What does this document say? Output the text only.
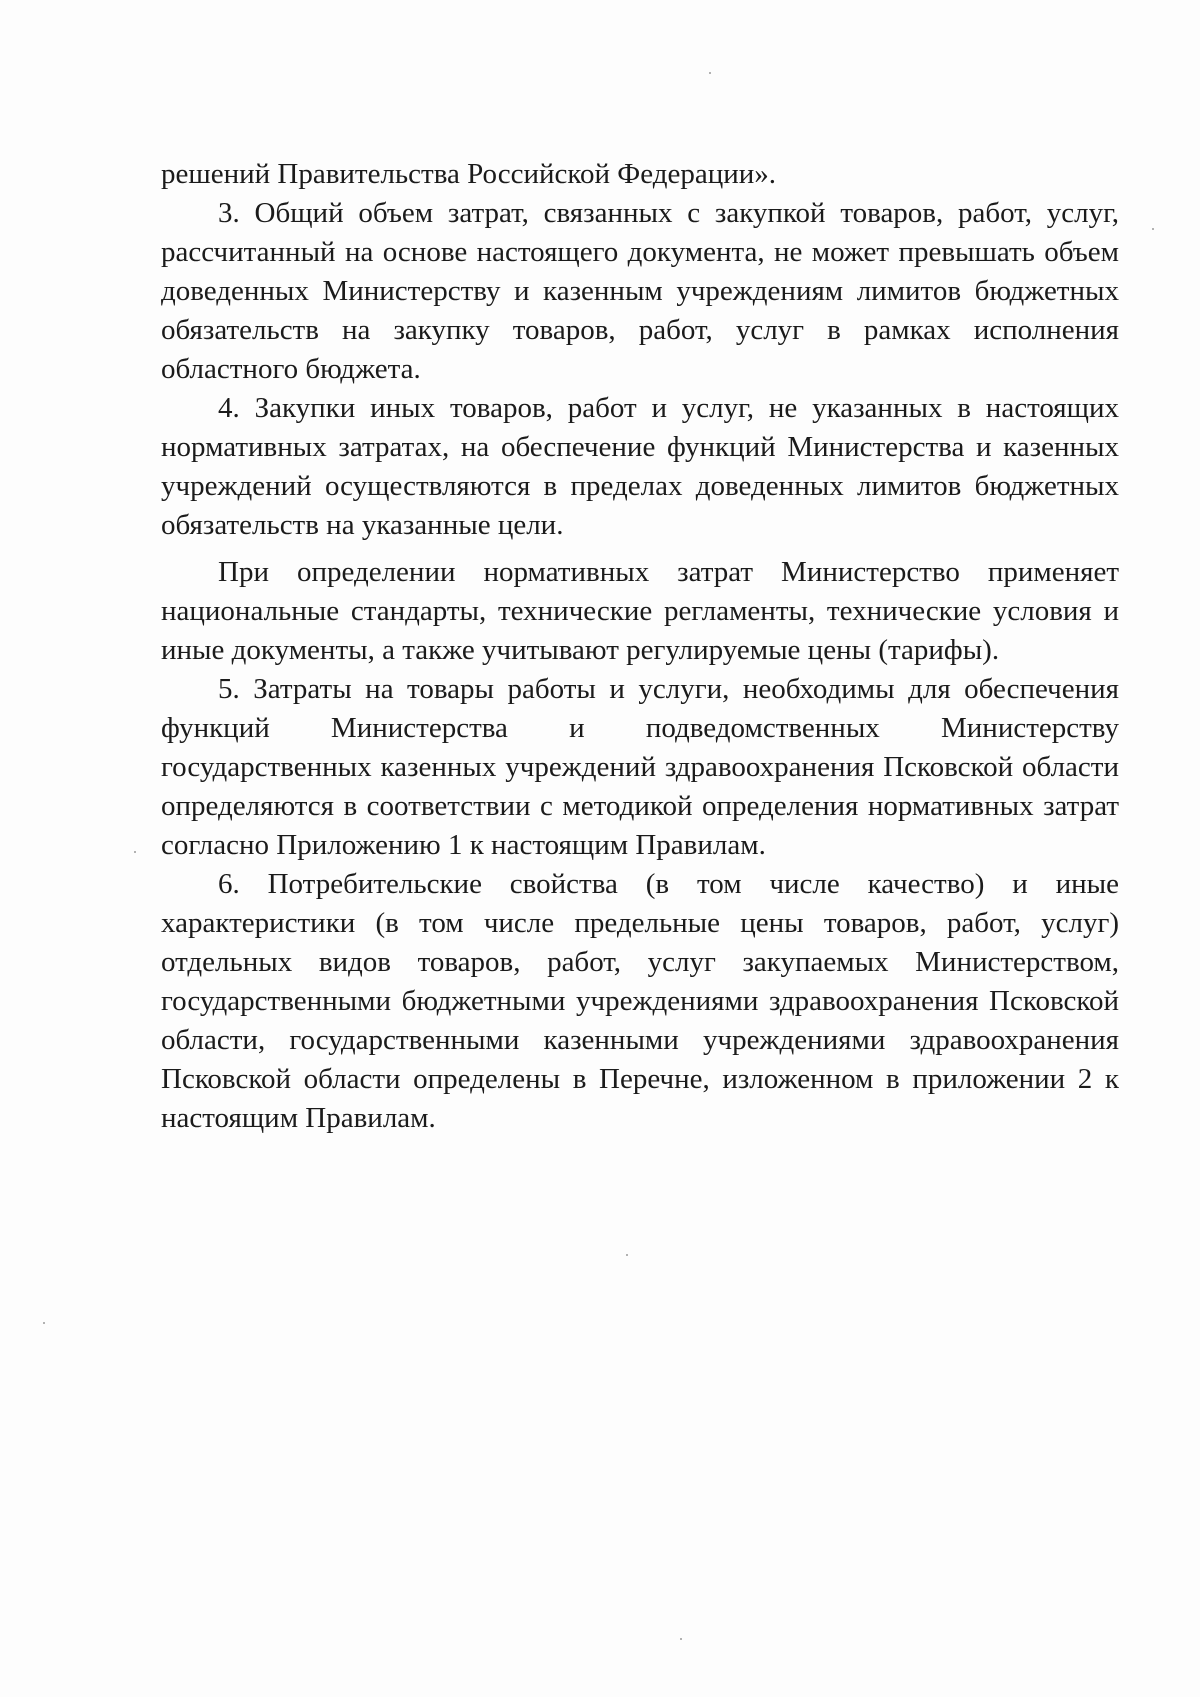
решений Правительства Российской Федерации».

3. Общий объем затрат, связанных с закупкой товаров, работ, услуг, рассчитанный на основе настоящего документа, не может превышать объем доведенных Министерству и казенным учреждениям лимитов бюджетных обязательств на закупку товаров, работ, услуг в рамках исполнения областного бюджета.

4. Закупки иных товаров, работ и услуг, не указанных в настоящих нормативных затратах, на обеспечение функций Министерства и казенных учреждений осуществляются в пределах доведенных лимитов бюджетных обязательств на указанные цели.

При определении нормативных затрат Министерство применяет национальные стандарты, технические регламенты, технические условия и иные документы, а также учитывают регулируемые цены (тарифы).

5. Затраты на товары работы и услуги, необходимы для обеспечения функций Министерства и подведомственных Министерству государственных казенных учреждений здравоохранения Псковской области определяются в соответствии с методикой определения нормативных затрат согласно Приложению 1 к настоящим Правилам.

6. Потребительские свойства (в том числе качество) и иные характеристики (в том числе предельные цены товаров, работ, услуг) отдельных видов товаров, работ, услуг закупаемых Министерством, государственными бюджетными учреждениями здравоохранения Псковской области, государственными казенными учреждениями здравоохранения Псковской области определены в Перечне, изложенном в приложении 2 к настоящим Правилам.
